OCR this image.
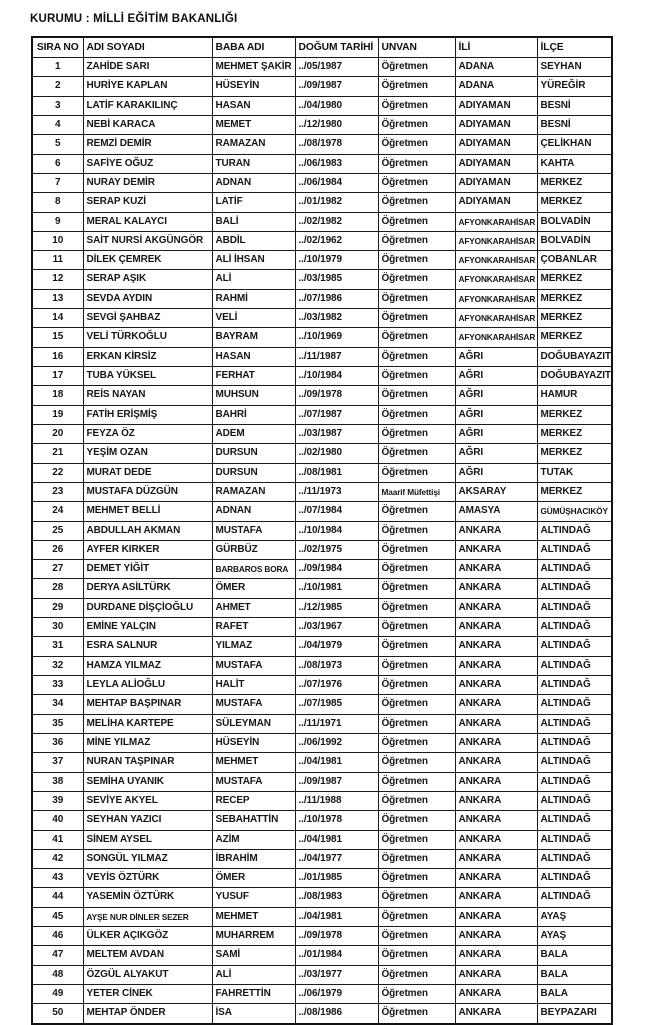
KURUMU : MİLLİ EĞİTİM BAKANLIĞI
SIRA NO	ADI SOYADI	BABA ADI	DOĞUM TARİHİ	UNVAN	İLİ	İLÇE
1	ZAHİDE SARI	MEHMET ŞAKİR	../05/1987	Öğretmen	ADANA	SEYHAN
2	HURİYE KAPLAN	HÜSEYİN	../09/1987	Öğretmen	ADANA	YÜREĞİR
3	LATİF KARAKILINÇ	HASAN	../04/1980	Öğretmen	ADIYAMAN	BESNİ
4	NEBİ KARACA	MEMET	../12/1980	Öğretmen	ADIYAMAN	BESNİ
5	REMZİ DEMİR	RAMAZAN	../08/1978	Öğretmen	ADIYAMAN	ÇELİKHAN
6	SAFİYE OĞUZ	TURAN	../06/1983	Öğretmen	ADIYAMAN	KAHTA
7	NURAY DEMİR	ADNAN	../06/1984	Öğretmen	ADIYAMAN	MERKEZ
8	SERAP KUZİ	LATİF	../01/1982	Öğretmen	ADIYAMAN	MERKEZ
9	MERAL KALAYCI	BALİ	../02/1982	Öğretmen	AFYONKARAHİSAR	BOLVADİN
10	SAİT NURSİ AKGÜNGÖR	ABDİL	../02/1962	Öğretmen	AFYONKARAHİSAR	BOLVADİN
11	DİLEK ÇEMREK	ALİ İHSAN	../10/1979	Öğretmen	AFYONKARAHİSAR	ÇOBANLAR
12	SERAP AŞIK	ALİ	../03/1985	Öğretmen	AFYONKARAHİSAR	MERKEZ
13	SEVDA AYDIN	RAHMİ	../07/1986	Öğretmen	AFYONKARAHİSAR	MERKEZ
14	SEVGİ ŞAHBAZ	VELİ	../03/1982	Öğretmen	AFYONKARAHİSAR	MERKEZ
15	VELİ TÜRKOĞLU	BAYRAM	../10/1969	Öğretmen	AFYONKARAHİSAR	MERKEZ
16	ERKAN KİRSİZ	HASAN	../11/1987	Öğretmen	AĞRI	DOĞUBAYAZIT
17	TUBA YÜKSEL	FERHAT	../10/1984	Öğretmen	AĞRI	DOĞUBAYAZIT
18	REİS NAYAN	MUHSUN	../09/1978	Öğretmen	AĞRI	HAMUR
19	FATİH ERİŞMİŞ	BAHRİ	../07/1987	Öğretmen	AĞRI	MERKEZ
20	FEYZA ÖZ	ADEM	../03/1987	Öğretmen	AĞRI	MERKEZ
21	YEŞİM OZAN	DURSUN	../02/1980	Öğretmen	AĞRI	MERKEZ
22	MURAT DEDE	DURSUN	../08/1981	Öğretmen	AĞRI	TUTAK
23	MUSTAFA DÜZGÜN	RAMAZAN	../11/1973	Maarif Müfettişi	AKSARAY	MERKEZ
24	MEHMET BELLİ	ADNAN	../07/1984	Öğretmen	AMASYA	GÜMÜŞHACIKÖY
25	ABDULLAH AKMAN	MUSTAFA	../10/1984	Öğretmen	ANKARA	ALTINDAĞ
26	AYFER KIRKER	GÜRBÜZ	../02/1975	Öğretmen	ANKARA	ALTINDAĞ
27	DEMET YİĞİT	BARBAROS BORA	../09/1984	Öğretmen	ANKARA	ALTINDAĞ
28	DERYA ASİLTÜRK	ÖMER	../10/1981	Öğretmen	ANKARA	ALTINDAĞ
29	DURDANE DİŞÇİOĞLU	AHMET	../12/1985	Öğretmen	ANKARA	ALTINDAĞ
30	EMİNE YALÇIN	RAFET	../03/1967	Öğretmen	ANKARA	ALTINDAĞ
31	ESRA SALNUR	YILMAZ	../04/1979	Öğretmen	ANKARA	ALTINDAĞ
32	HAMZA YILMAZ	MUSTAFA	../08/1973	Öğretmen	ANKARA	ALTINDAĞ
33	LEYLA ALİOĞLU	HALİT	../07/1976	Öğretmen	ANKARA	ALTINDAĞ
34	MEHTAP BAŞPINAR	MUSTAFA	../07/1985	Öğretmen	ANKARA	ALTINDAĞ
35	MELİHA KARTEPE	SÜLEYMAN	../11/1971	Öğretmen	ANKARA	ALTINDAĞ
36	MİNE YILMAZ	HÜSEYİN	../06/1992	Öğretmen	ANKARA	ALTINDAĞ
37	NURAN TAŞPINAR	MEHMET	../04/1981	Öğretmen	ANKARA	ALTINDAĞ
38	SEMİHA UYANIK	MUSTAFA	../09/1987	Öğretmen	ANKARA	ALTINDAĞ
39	SEVİYE AKYEL	RECEP	../11/1988	Öğretmen	ANKARA	ALTINDAĞ
40	SEYHAN YAZICI	SEBAHATTİN	../10/1978	Öğretmen	ANKARA	ALTINDAĞ
41	SİNEM AYSEL	AZİM	../04/1981	Öğretmen	ANKARA	ALTINDAĞ
42	SONGÜL YILMAZ	İBRAHİM	../04/1977	Öğretmen	ANKARA	ALTINDAĞ
43	VEYİS ÖZTÜRK	ÖMER	../01/1985	Öğretmen	ANKARA	ALTINDAĞ
44	YASEMİN ÖZTÜRK	YUSUF	../08/1983	Öğretmen	ANKARA	ALTINDAĞ
45	AYŞE NUR DİNLER SEZER	MEHMET	../04/1981	Öğretmen	ANKARA	AYAŞ
46	ÜLKER AÇIKGÖZ	MUHARREM	../09/1978	Öğretmen	ANKARA	AYAŞ
47	MELTEM AVDAN	SAMİ	../01/1984	Öğretmen	ANKARA	BALA
48	ÖZGÜL ALYAKUT	ALİ	../03/1977	Öğretmen	ANKARA	BALA
49	YETER CİNEK	FAHRETTİN	../06/1979	Öğretmen	ANKARA	BALA
50	MEHTAP ÖNDER	İSA	../08/1986	Öğretmen	ANKARA	BEYPAZARI
